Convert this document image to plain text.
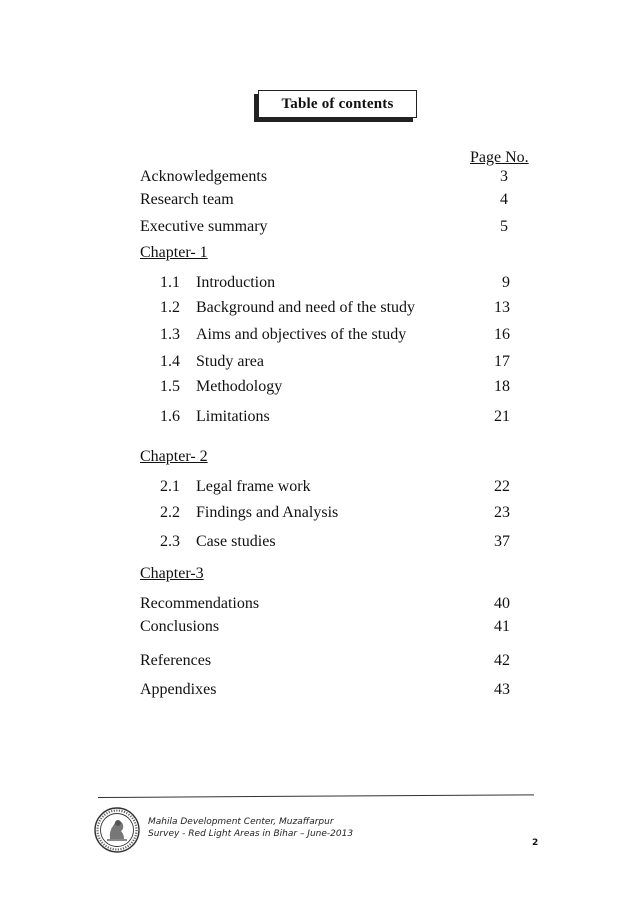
Table of contents
Page No.
Acknowledgements	3
Research team	4
Executive summary	5
Chapter- 1
1.1 Introduction	9
1.2 Background and need of the study	13
1.3 Aims and objectives of the study	16
1.4 Study area	17
1.5 Methodology	18
1.6 Limitations	21
Chapter- 2
2.1 Legal frame work	22
2.2 Findings and Analysis	23
2.3 Case studies	37
Chapter-3
Recommendations	40
Conclusions	41
References	42
Appendixes	43
Mahila Development Center, Muzaffarpur
Survey - Red Light Areas in Bihar – June-2013
2
